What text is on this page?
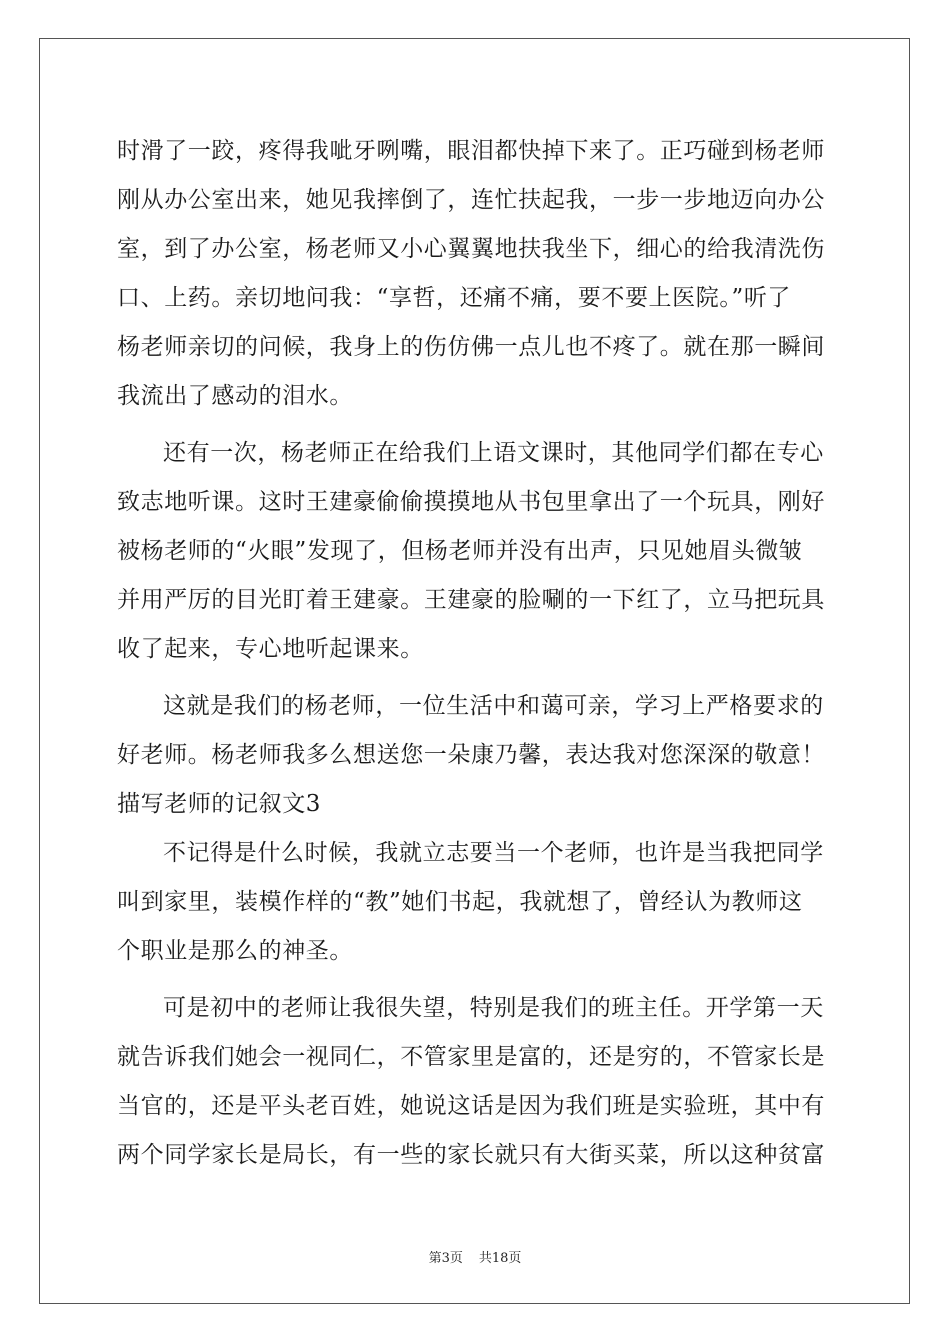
时滑了一跤，疼得我呲牙咧嘴，眼泪都快掉下来了。正巧碰到杨老师
刚从办公室出来，她见我摔倒了，连忙扶起我，一步一步地迈向办公
室，到了办公室，杨老师又小心翼翼地扶我坐下，细心的给我清洗伤
口、上药。亲切地问我：“享哲，还痛不痛，要不要上医院。”听了
杨老师亲切的问候，我身上的伤仿佛一点儿也不疼了。就在那一瞬间
我流出了感动的泪水。
还有一次，杨老师正在给我们上语文课时，其他同学们都在专心
致志地听课。这时王建豪偷偷摸摸地从书包里拿出了一个玩具，刚好
被杨老师的“火眼”发现了，但杨老师并没有出声，只见她眉头微皱
并用严厉的目光盯着王建豪。王建豪的脸唰的一下红了，立马把玩具
收了起来，专心地听起课来。
这就是我们的杨老师，一位生活中和蔼可亲，学习上严格要求的
好老师。杨老师我多么想送您一朵康乃馨，表达我对您深深的敬意！
描写老师的记叙文3
不记得是什么时候，我就立志要当一个老师，也许是当我把同学
叫到家里，装模作样的“教”她们书起，我就想了，曾经认为教师这
个职业是那么的神圣。
可是初中的老师让我很失望，特别是我们的班主任。开学第一天
就告诉我们她会一视同仁，不管家里是富的，还是穷的，不管家长是
当官的，还是平头老百姓，她说这话是因为我们班是实验班，其中有
两个同学家长是局长，有一些的家长就只有大街买菜，所以这种贫富
第3页 共18页
